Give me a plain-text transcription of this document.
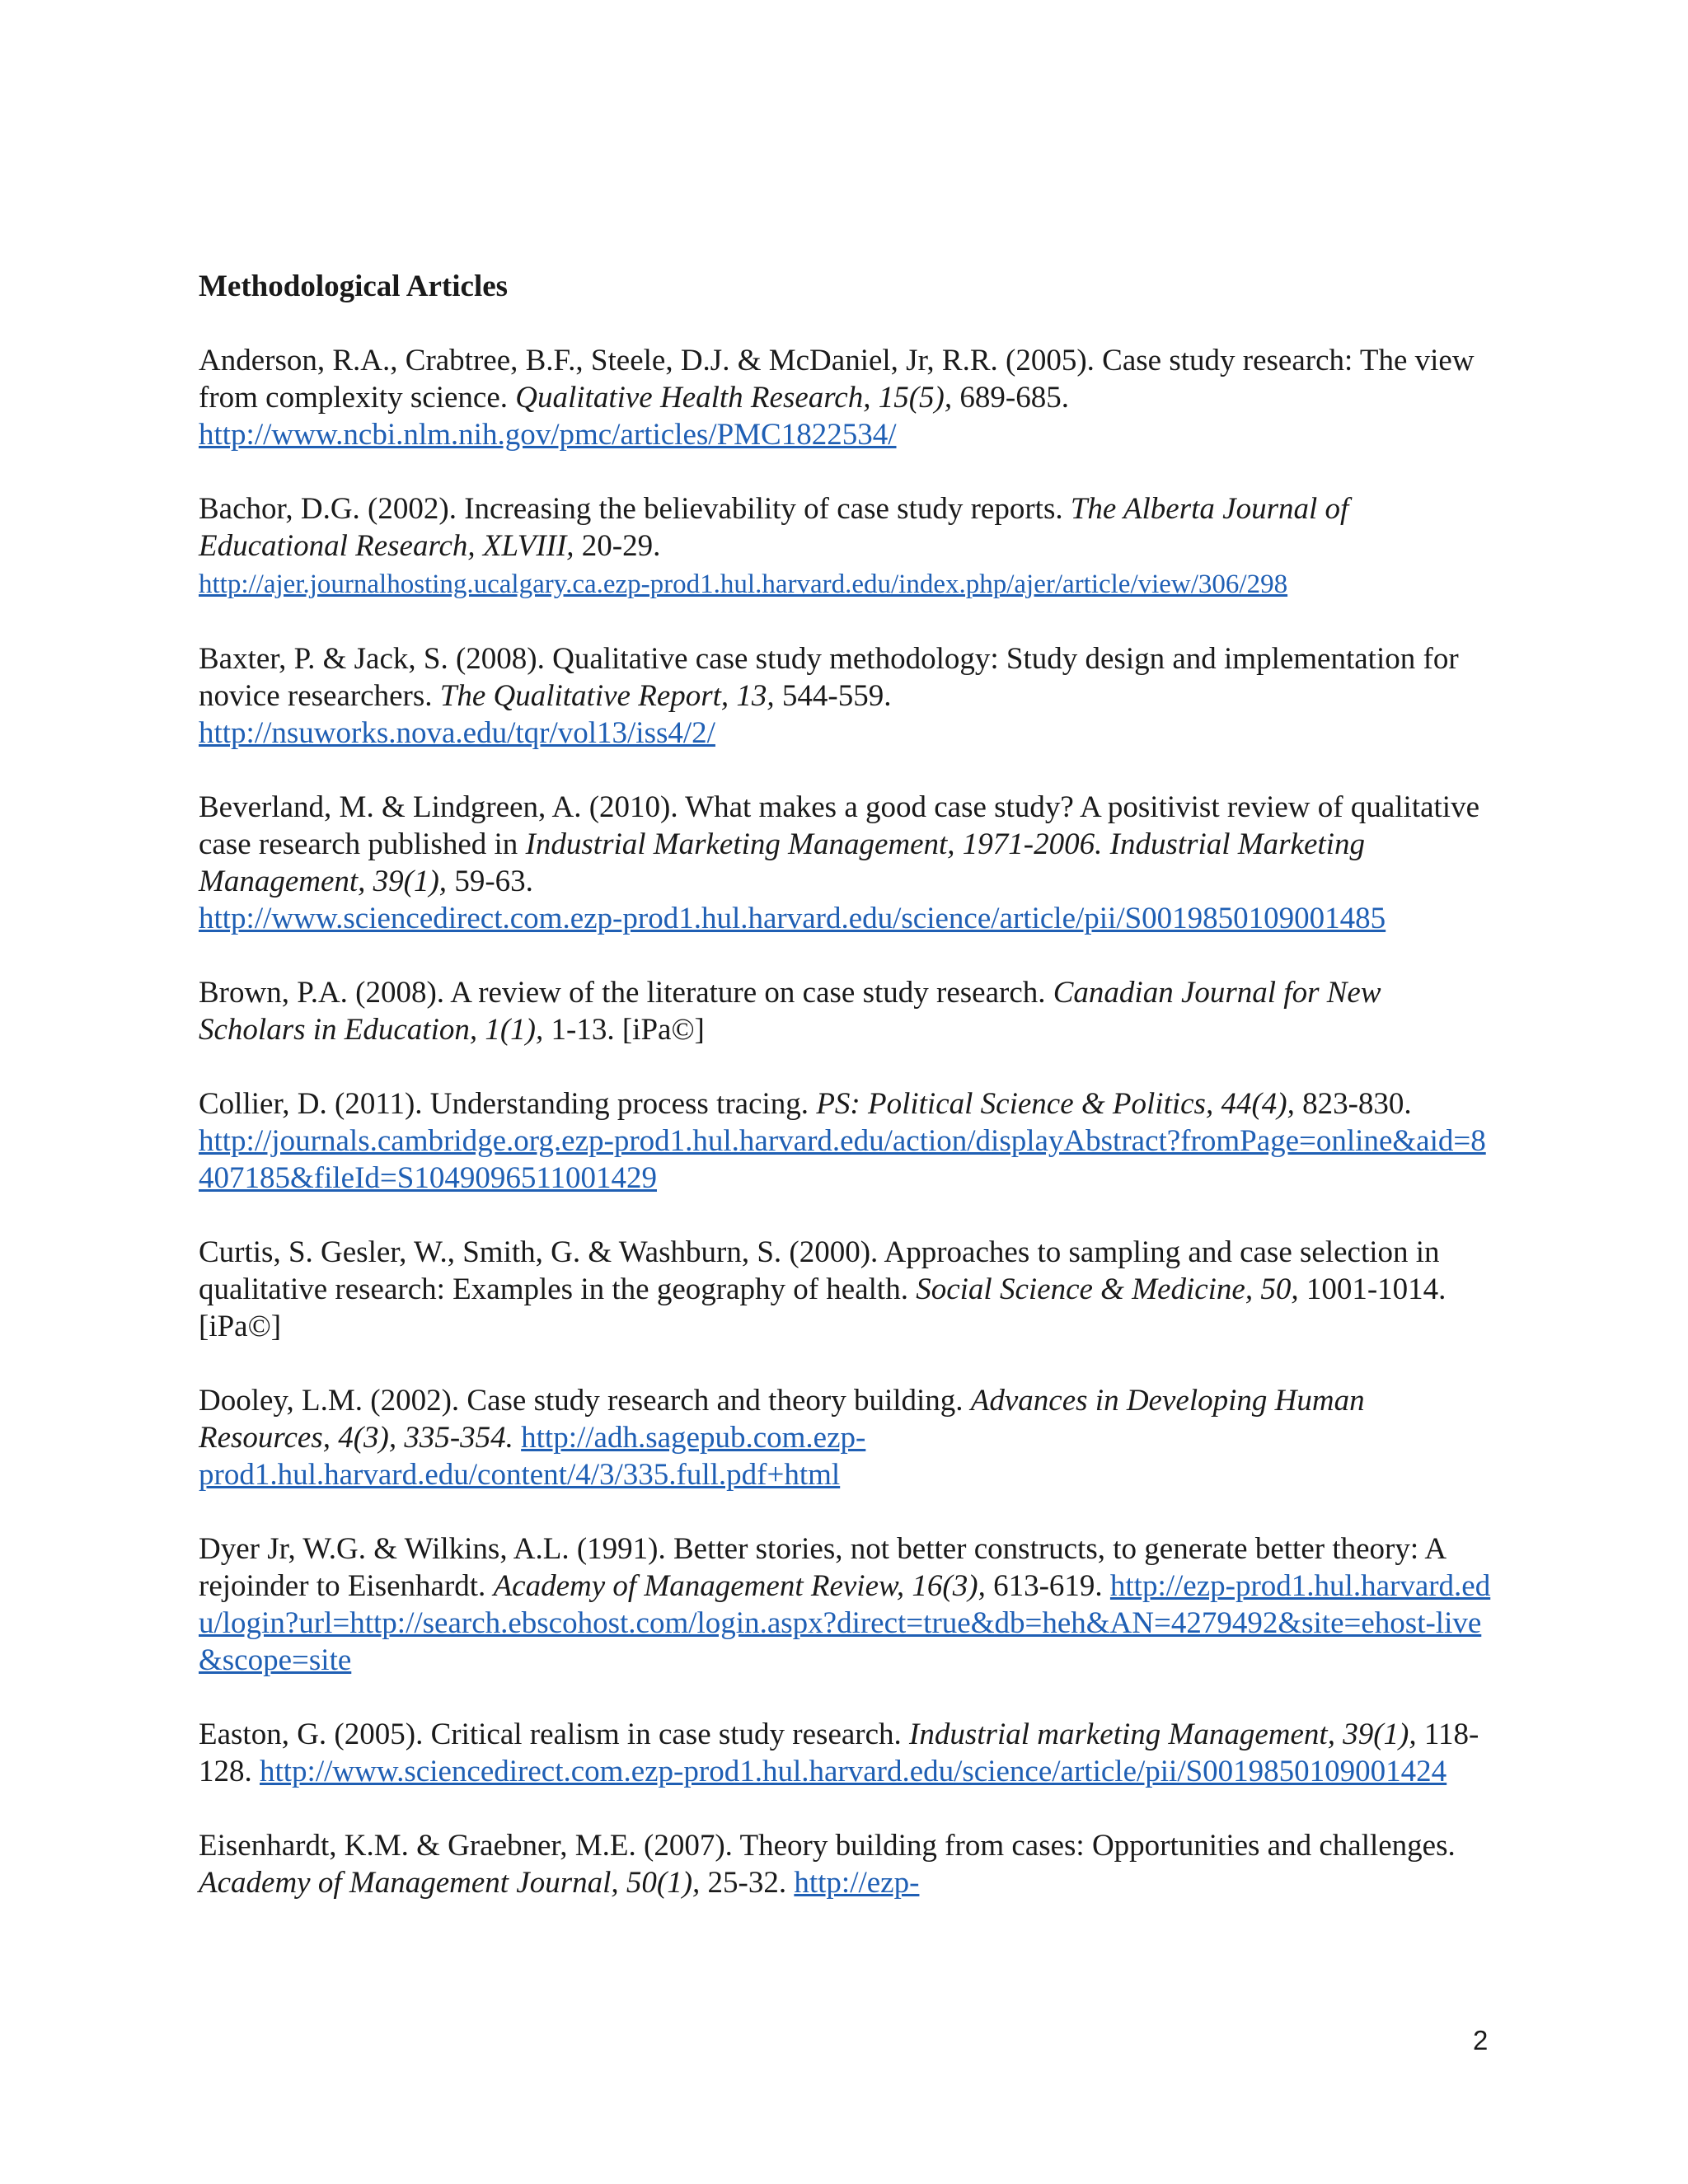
Methodological Articles

Anderson, R.A., Crabtree, B.F., Steele, D.J. & McDaniel, Jr, R.R. (2005). Case study research: The view from complexity science. Qualitative Health Research, 15(5), 689-685.
http://www.ncbi.nlm.nih.gov/pmc/articles/PMC1822534/

Bachor, D.G. (2002). Increasing the believability of case study reports. The Alberta Journal of Educational Research, XLVIII, 20-29.
http://ajer.journalhosting.ucalgary.ca.ezp-prod1.hul.harvard.edu/index.php/ajer/article/view/306/298

Baxter, P. & Jack, S. (2008). Qualitative case study methodology: Study design and implementation for novice researchers. The Qualitative Report, 13, 544-559.
http://nsuworks.nova.edu/tqr/vol13/iss4/2/

Beverland, M. & Lindgreen, A. (2010). What makes a good case study? A positivist review of qualitative case research published in Industrial Marketing Management, 1971-2006. Industrial Marketing Management, 39(1), 59-63.
http://www.sciencedirect.com.ezp-prod1.hul.harvard.edu/science/article/pii/S0019850109001485

Brown, P.A. (2008). A review of the literature on case study research. Canadian Journal for New Scholars in Education, 1(1), 1-13. [iPa©]

Collier, D. (2011). Understanding process tracing. PS: Political Science & Politics, 44(4), 823-830.
http://journals.cambridge.org.ezp-prod1.hul.harvard.edu/action/displayAbstract?fromPage=online&aid=8407185&fileId=S1049096511001429

Curtis, S. Gesler, W., Smith, G. & Washburn, S. (2000). Approaches to sampling and case selection in qualitative research: Examples in the geography of health. Social Science & Medicine, 50, 1001-1014. [iPa©]

Dooley, L.M. (2002). Case study research and theory building. Advances in Developing Human Resources, 4(3), 335-354. http://adh.sagepub.com.ezp-prod1.hul.harvard.edu/content/4/3/335.full.pdf+html

Dyer Jr, W.G. & Wilkins, A.L. (1991). Better stories, not better constructs, to generate better theory: A rejoinder to Eisenhardt. Academy of Management Review, 16(3), 613-619. http://ezp-prod1.hul.harvard.edu/login?url=http://search.ebscohost.com/login.aspx?direct=true&db=heh&AN=4279492&site=ehost-live&scope=site

Easton, G. (2005). Critical realism in case study research. Industrial marketing Management, 39(1), 118-128. http://www.sciencedirect.com.ezp-prod1.hul.harvard.edu/science/article/pii/S0019850109001424

Eisenhardt, K.M. & Graebner, M.E. (2007). Theory building from cases: Opportunities and challenges. Academy of Management Journal, 50(1), 25-32. http://ezp-

2
